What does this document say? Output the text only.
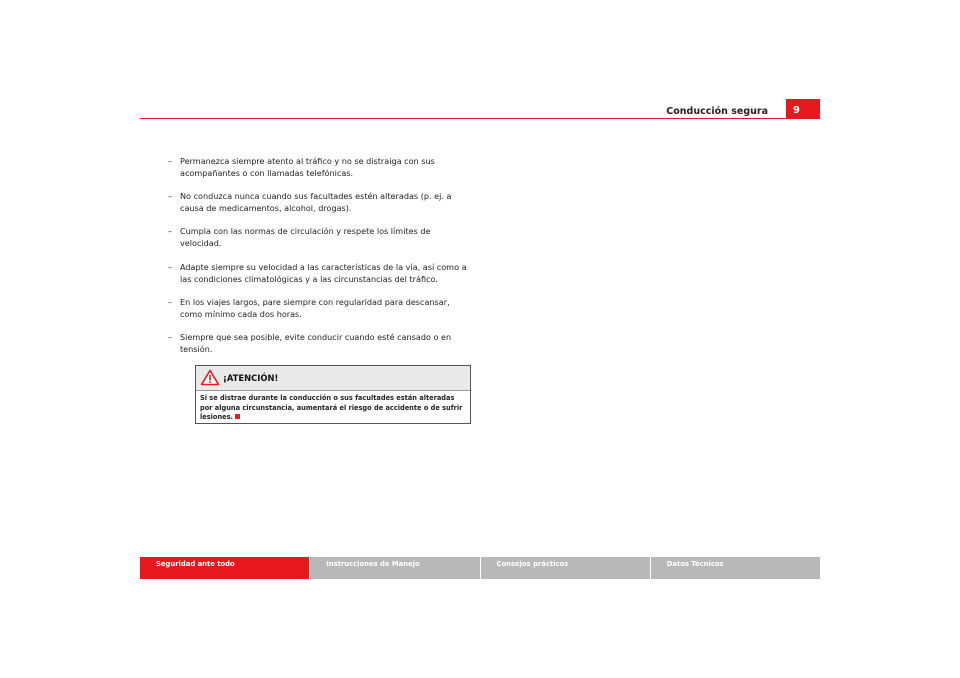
Conducción segura	9
– Permanezca siempre atento al tráfico y no se distraiga con sus acompañantes o con llamadas telefónicas.
– No conduzca nunca cuando sus facultades estén alteradas (p. ej. a causa de medicamentos, alcohol, drogas).
– Cumpla con las normas de circulación y respete los límites de velocidad.
– Adapte siempre su velocidad a las características de la vía, así como a las condiciones climatológicas y a las circunstancias del tráfico.
– En los viajes largos, pare siempre con regularidad para descansar, como mínimo cada dos horas.
– Siempre que sea posible, evite conducir cuando esté cansado o en tensión.
¡ATENCIÓN!
Si se distrae durante la conducción o sus facultades están alteradas por alguna circunstancia, aumentará el riesgo de accidente o de sufrir lesiones.
Seguridad ante todo	Instrucciones de Manejo	Consejos prácticos	Datos Técnicos
